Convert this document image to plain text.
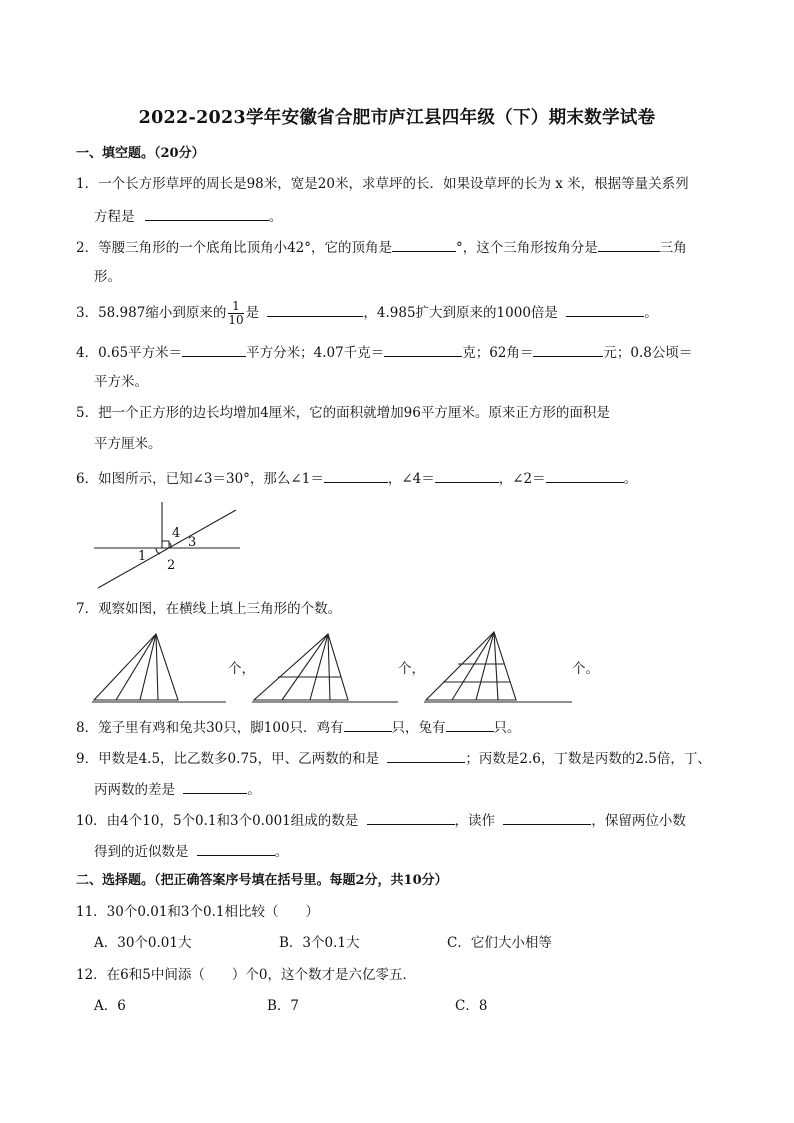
2022-2023学年安徽省合肥市庐江县四年级（下）期末数学试卷
一、填空题。（20分）
1．一个长方形草坪的周长是98米，宽是20米，求草坪的长．如果设草坪的长为 x 米，根据等量关系列
方程是	。
2．等腰三角形的一个底角比顶角小42°，它的顶角是	°，这个三角形按角分是	三角
形。
3．58.987缩小到原来的 $\frac{1}{10}$ 是	，4.985扩大到原来的1000倍是	。
4．0.65平方米＝	平方分米；4.07千克＝	克；62角＝	元；0.8公顷＝
平方米。
5．把一个正方形的边长均增加4厘米，它的面积就增加96平方厘米。原来正方形的面积是
平方厘米。
6．如图所示，已知∠3＝30°，那么∠1＝	，∠4＝	，∠2＝	。
1
2
3
4
7．观察如图，在横线上填上三角形的个数。
个，	个，	个。
8．笼子里有鸡和兔共30只，脚100只．鸡有	只，兔有	只。
9．甲数是4.5，比乙数多0.75，甲、乙两数的和是	；丙数是2.6，丁数是丙数的2.5倍，丁、
丙两数的差是	。
10．由4个10，5个0.1和3个0.001组成的数是	，读作	，保留两位小数
得到的近似数是	。
二、选择题。（把正确答案序号填在括号里。每题2分，共10分）
11．30个0.01和3个0.1相比较（　　）
A．30个0.01大	B．3个0.1大	C．它们大小相等
12．在6和5中间添（　　）个0，这个数才是六亿零五．
A．6	B．7	C．8
